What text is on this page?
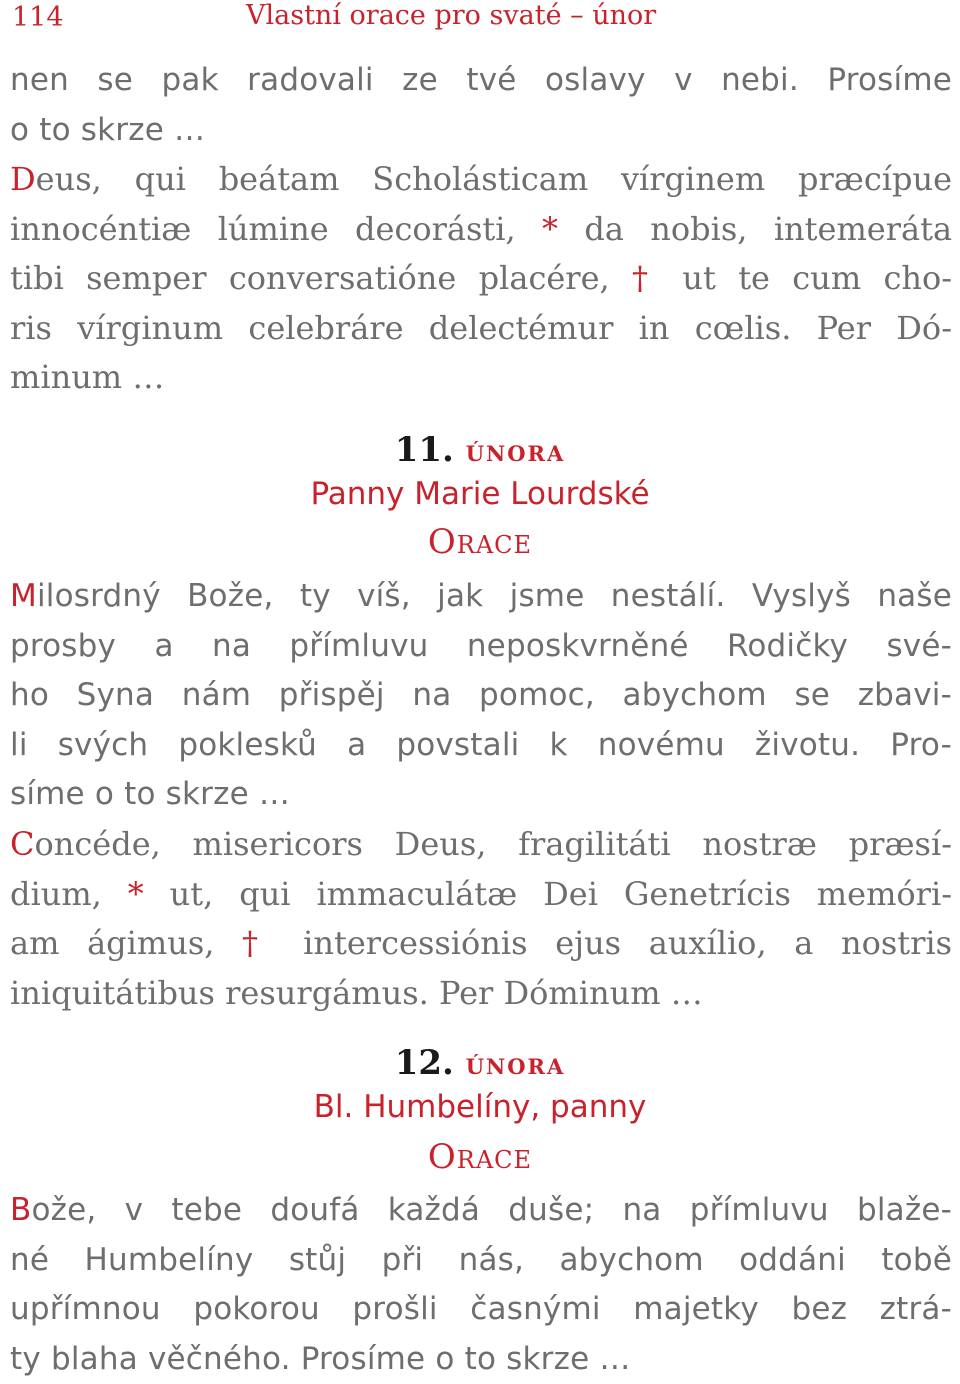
114	Vlastní orace pro svaté – únor
nen se pak radovali ze tvé oslavy v nebi. Prosíme
o to skrze …
Deus, qui beátam Scholásticam vírginem præcípue
innocéntiæ lúmine decorásti, * da nobis, intemeráta
tibi semper conversatióne placére, † ut te cum cho-
ris vírginum celebráre delectémur in cœlis. Per Dó-
minum …
11. února
Panny Marie Lourdské
Orace
Milosrdný Bože, ty víš, jak jsme nestálí. Vyslyš naše
prosby a na přímluvu neposkvrněné Rodičky své-
ho Syna nám přispěj na pomoc, abychom se zbavi-
li svých poklesků a povstali k novému životu. Pro-
síme o to skrze …
Concéde, misericors Deus, fragilitáti nostræ præsí-
dium, * ut, qui immaculátæ Dei Genetrícis memóri-
am ágimus, † intercessiónis ejus auxílio, a nostris
iniquitátibus resurgámus. Per Dóminum …
12. února
Bl. Humbelíny, panny
Orace
Bože, v tebe doufá každá duše; na přímluvu blaže-
né Humbelíny stůj při nás, abychom oddáni tobě
upřímnou pokorou prošli časnými majetky bez ztrá-
ty blaha věčného. Prosíme o to skrze …
